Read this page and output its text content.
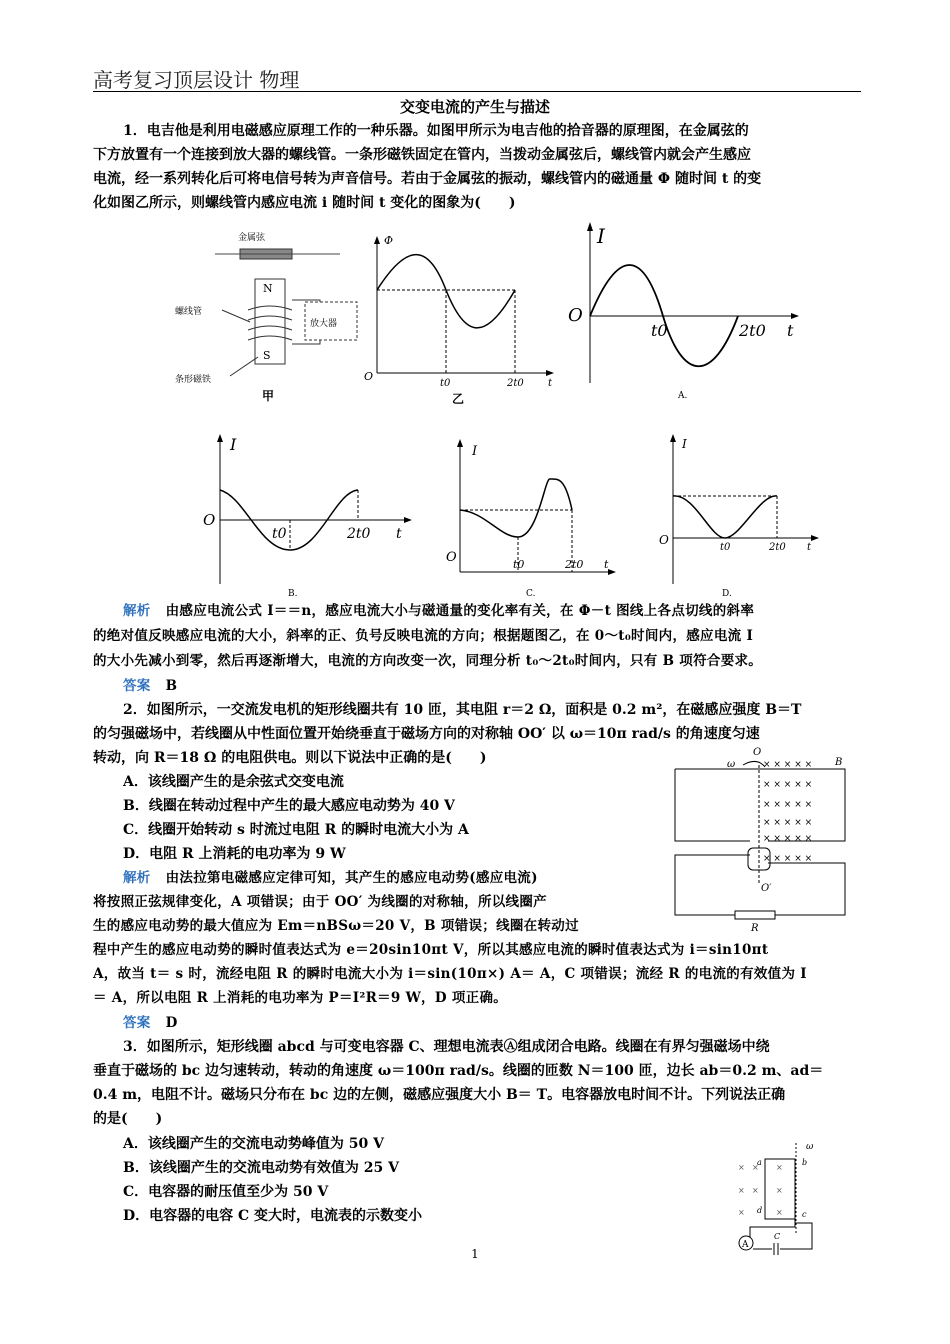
高考复习顶层设计 物理
交变电流的产生与描述
1．电吉他是利用电磁感应原理工作的一种乐器。如图甲所示为电吉他的拾音器的原理图，在金属弦的
下方放置有一个连接到放大器的螺线管。一条形磁铁固定在管内，当拨动金属弦后，螺线管内就会产生感应
电流，经一系列转化后可将电信号转为声音信号。若由于金属弦的振动，螺线管内的磁通量 Φ 随时间 t 的变
化如图乙所示，则螺线管内感应电流 i 随时间 t 变化的图象为(　　)
金属弦
N
S
放大器
螺线管
条形磁铁
甲
Φ
O
t0	2t0 t
乙
I
O
t0	2t0 t
A.
I
O
t0	2t0 t
B.
I
O	t0	2t0 t
C.
I
O
t0	2t0 t
D.
解析 由感应电流公式 I＝＝n，感应电流大小与磁通量的变化率有关，在 Φ－t 图线上各点切线的斜率
的绝对值反映感应电流的大小，斜率的正、负号反映电流的方向；根据题图乙，在 0～t₀时间内，感应电流 I
的大小先减小到零，然后再逐渐增大，电流的方向改变一次，同理分析 t₀～2t₀时间内，只有 B 项符合要求。
答案 B
2．如图所示，一交流发电机的矩形线圈共有 10 匝，其电阻 r＝2 Ω，面积是 0.2 m²，在磁感应强度 B＝T
的匀强磁场中，若线圈从中性面位置开始绕垂直于磁场方向的对称轴 OO′ 以 ω＝10π rad/s 的角速度匀速
转动，向 R＝18 Ω 的电阻供电。则以下说法中正确的是(　　)
A．该线圈产生的是余弦式交变电流
B．线圈在转动过程中产生的最大感应电动势为 40 V
C．线圈开始转动 s 时流过电阻 R 的瞬时电流大小为 A
D．电阻 R 上消耗的电功率为 9 W
O
ω	B
× × × × ×
× × × × ×
× × × × ×
× × × × ×
× × × × ×
× × × × ×
O′
R
解析 由法拉第电磁感应定律可知，其产生的感应电动势(感应电流)
将按照正弦规律变化，A 项错误；由于 OO′ 为线圈的对称轴，所以线圈产
生的感应电动势的最大值应为 Em＝nBSω＝20 V，B 项错误；线圈在转动过
程中产生的感应电动势的瞬时值表达式为 e＝20sin10πt V，所以其感应电流的瞬时值表达式为 i＝sin10πt
A，故当 t＝ s 时，流经电阻 R 的瞬时电流大小为 i＝sin(10π×) A＝ A，C 项错误；流经 R 的电流的有效值为 I
＝ A，所以电阻 R 上消耗的电功率为 P＝I²R＝9 W，D 项正确。
答案 D
3．如图所示，矩形线圈 abcd 与可变电容器 C、理想电流表Ⓐ组成闭合电路。线圈在有界匀强磁场中绕
垂直于磁场的 bc 边匀速转动，转动的角速度 ω＝100π rad/s。线圈的匝数 N＝100 匝，边长 ab＝0.2 m、ad＝
0.4 m，电阻不计。磁场只分布在 bc 边的左侧，磁感应强度大小 B＝ T。电容器放电时间不计。下列说法正确
的是(　　)
A．该线圈产生的交流电动势峰值为 50 V
B．该线圈产生的交流电动势有效值为 25 V
C．电容器的耐压值至少为 50 V
D．电容器的电容 C 变大时，电流表的示数变小
ω
×
×
×
×
×
×
×
×
a	b
c
d
A
C
1
